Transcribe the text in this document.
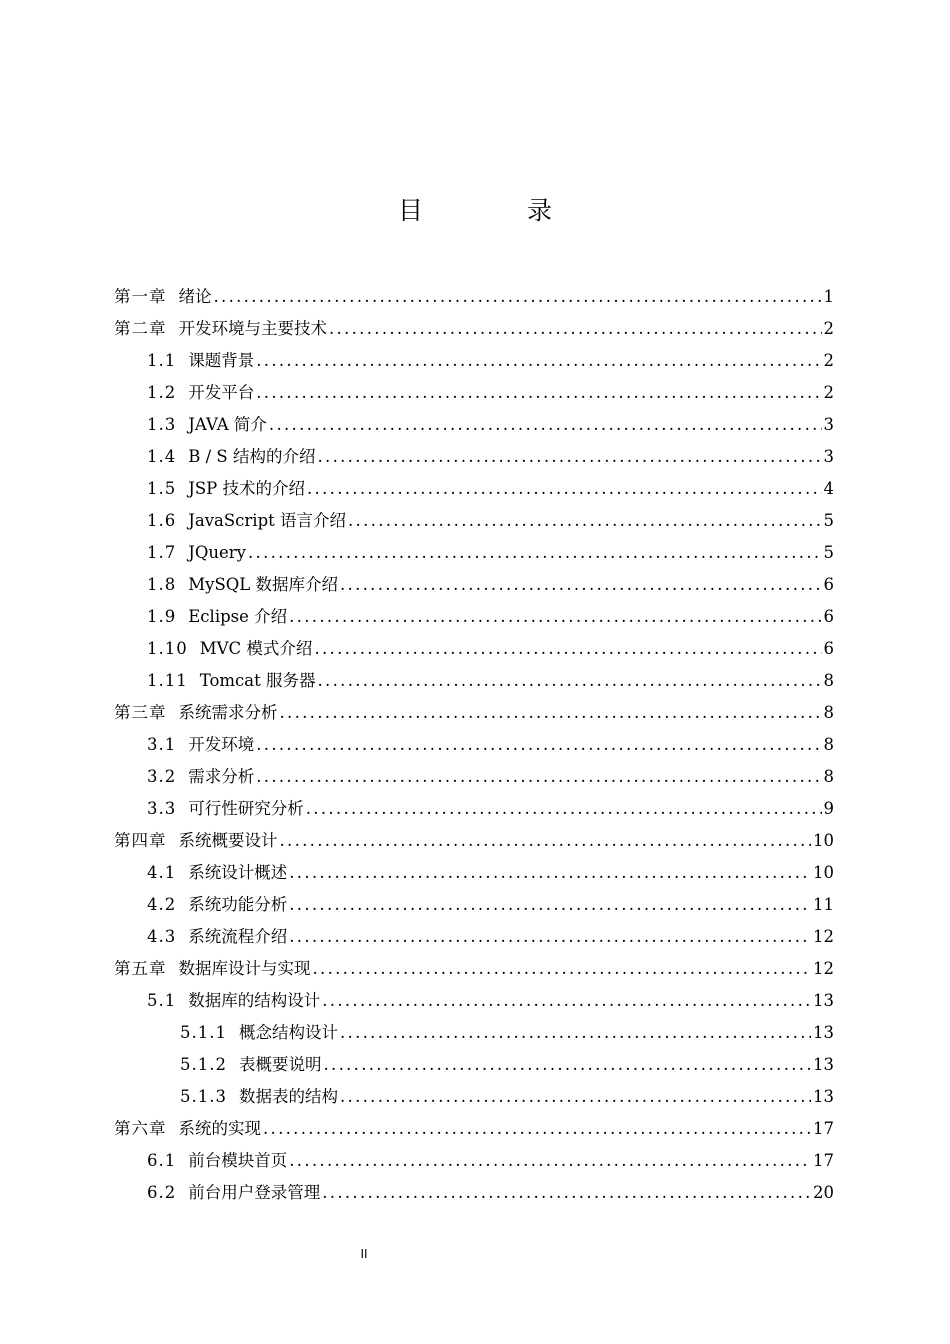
目 录
第一章 绪论 .....	1
第二章 开发环境与主要技术 .....	2
1.1 课题背景 .....	2
1.2 开发平台 .....	2
1.3 JAVA 简介 .....	3
1.4 B / S 结构的介绍 .....	3
1.5 JSP 技术的介绍 .....	4
1.6 JavaScript 语言介绍 .....	5
1.7 JQuery .....	5
1.8 MySQL 数据库介绍 .....	6
1.9 Eclipse 介绍 .....	6
1.10 MVC 模式介绍 .....	6
1.11 Tomcat 服务器 .....	8
第三章 系统需求分析 .....	8
3.1 开发环境 .....	8
3.2 需求分析 .....	8
3.3 可行性研究分析 .....	9
第四章 系统概要设计 .....	10
4.1 系统设计概述 .....	10
4.2 系统功能分析 .....	11
4.3 系统流程介绍 .....	12
第五章 数据库设计与实现 .....	12
5.1 数据库的结构设计 .....	13
5.1.1 概念结构设计 .....	13
5.1.2 表概要说明 .....	13
5.1.3 数据表的结构 .....	13
第六章 系统的实现 .....	17
6.1 前台模块首页 .....	17
6.2 前台用户登录管理 .....	20
II
